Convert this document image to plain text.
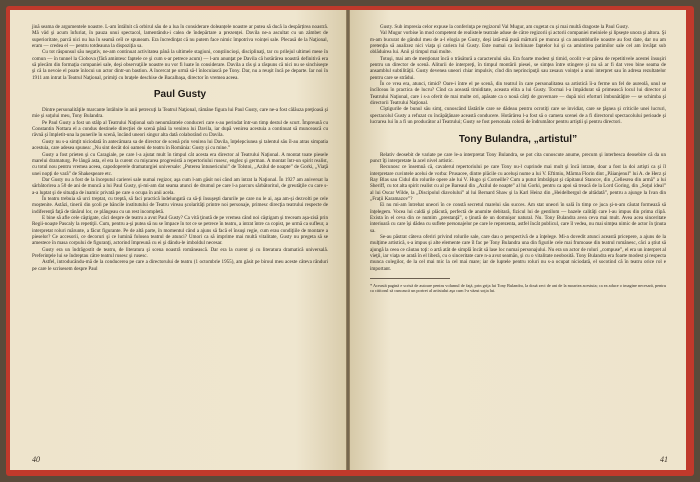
jină seama de argumentele noastre. L-am întâlnit că orbirul său de a lua în considerare doleanțele noastre ar putea să ducă la despărțirea noastră. Mă vâd şi acum înfuriat, în pauza unui spectacol, lamentându-i calea de îndepărtare a prezenței. Davila ne-a ascultat cu un zâmbet de superioritate, parcă nici nu lua în seamă ceîl ce spuneam. Era încredinţat că nu putem face nimic împotriva voinței sale. Plecasă de la Naţional, eram — credea el — pentru totdeauna la dispoziţia sa.

Cu tot răspunsul său negativ, ne-am continuat activitatea până la ultimele stagiuni, conştiincioşi, disciplinaţi, tar cu prilejul ultimei mese în comun — în tunnel la Ciobova (fără amintesc faptele ce şi cum s-ar petrece acum) — l-am anunţat pe Davila că hotărârea noastră definitivă era să plecăm din formaţia companiei sale, deşi observaţiile noastre nu vor fi luate în considerare. Davila a râs şi a răspuns că nici nu se sinchiseşte şi că la nevoie el poate înlocui un actor dintr-un bastion. A încercat pe urmă să-l înlocuiască pe Tony. Dar, nu a reuşit încă pe departe. Iar noi în 1911 am intrat la Teatrul Naţional, primiţi cu braţele deschise de Bacalbaşa, director în vremea aceea.

Paul Gusty

Dintre personalităţile marcante întâlnite în anii petrecuţi la Teatrul Naţional, rămâne figura lui Paul Gusty, care ne-a fost călăuza preţioasă şi mie şi soţului meu, Tony Bulandra.

Pe Paul Gusty a fost un stâlp al Teatrului Naţional sub nenumăratele conduceri care s-au perindat într-un timp destul de scurt. Împreună cu Constantin Nottara el a condus destinele direcţiei de scenă până la venirea lui Davila, iar după venirea acestuia a continuat să muncească cu râvnă şi împletit-una la punerile în scenă, încând uneori singur alta dată colaborând cu Davila.

Gusty nu s-a simţit niciodată în antecâmara sa de director de scenă prin venirea lui Davila, înţelepciunea şi talentul său îl-au atras simpatia acestuia, care adesea spunea: „Nu sint decât doi oameni de teatru în România: Gusty şi cu mine.”

Gusty a fost prieten şi cu Caragiale, pe care l-a ajutat mult în timpul cât acesta era director al Teatrului Naţional. A montat toate piesele marelui dramaturg. Pe lângă asta, el era la curent cu mişcarea progresistă a repertoriului rusesc, englez şi german. A montat într-un spirit realist, cu totul nou pentru vremea aceea, capodoperele dramaturgiei universale: „Puterea întunericului” de Tolstoi, „Azilul de noapte” de Gorki, „Viaţă unei nopţi de vară” de Shakespeare etc.

Dar Gusty nu a fost de la începutul carierei sale numai regizor, aşa cum l-am găsit noi când am intrat la Naţional. În 1927 am aniversat la sărbătorirea a 50 de ani de muncă a lui Paul Gusty, şi-mi-am dat seama atunci de drumul pe care l-a parcurs sărbătoritul, de greutăţile cu care s-a-a luptat şi de situaţia de inamic privată pe care o ocupa în anii acela.

În teatru trebuia să urci treptat, cu treptă, să faci practică îndelungată ca să-ţi însuşeşti darurile pe care nu le ai, aşa am-şi dezvolti pe cele moştenite. Astăzi, tinerii din şcoli pe băncile institutului de Teatru vireau şcolarităţi printre noi personaje, primesc direcţia teatrului respecte de indiferenţă faţă de tânărul lor, ce plângeau cu un rest incompletă.

E bine să afle cele câştigate, căci despre de teatru a avut Paul Gusty? Ca vită ţinută de pe vremea când noi câştigam şi treceam aşa-zisă prin Regii-noaşte Pascaly la repetiţii. Cum, pentru a-şi putea să nu se împace în tot ce se petrece în teatru, a intrat între ca copist, pe urmă ca sufleur, a interpretat roluri mărunte, a făcut figurante. Pe de altă parte, în momentul când a ajuns să facă el însuşi regie, cum erau condiţiile de montare a pieselor? Ce accesorii, ce decoruri şi ce lumină folosea teatrul de atunci? Umori ca să imprime mai multă vitalitate, Gusty nu pregeta să se amestece în masa corpului de figuranţi, actorind împreună cu ei şi dându-le imboldul necesar.

Gusty era un îndrăgostit de teatru, de literatura şi scena noastră românească. Dar era la curent şi cu literatura dramatică universală. Preferinţele lui se îndreptau către teatrul rusesc şi rusesc.

Astfel, introducându-mă de la conducerea pe care a directorului de teatru (1 octombrie 1955), am găsit pe biroul meu aceste câteva rânduri pe care le scrisesem despre Paul

40

Gusty. Sub impresia celor expuse la conferinţa pe regizorul Val Mugur, am cugetat cu şi mai multă dragoste la Paul Gusty.

Val Mugur vorbise în mod competent de realistele teatrale aduse de către regizorii şi actorii companiei meiniele şi lipseşte unora şi altora. Şi m-am bucurat de gândul meu de a-l elogia pe Gusty, deşi iată-mă pusă mărturii pe munca şi ca ansamblurile noastre au fost date, dar nu am pretenţia să analizez nici viaţa şi cariera lui Gusty. Este numai ca închinare faptelor lui şi ca amintirea patimilor sale cel am învăţat sub oblăduirea lui. Anii şi timpul mai multe.

Totuşi, mai am de menţionat încă o trăsătură a caracterului său. Era foarte modest şi timid, ocolit v-ar părea de repetitivele acestei însuşiri pentru un director de scenă. Aliturii de interpreţi, în timpul montării piesei, se simţea între stingere şi nu să ar fi dat vreo bine seama de ansamblul subtilităţii. Gusty devenea uneori chiar impulsiv, cînd din neprincipuţii sau zesaux voinţei a unui interpret sau în adresa rezultatelor pentru care se strădui.

În ce vrea era, atunci, timid? Oare-i între el pe scenă, din teatrul în care personalitatea sa artistică îi-a ferme un fel de aureolă, unul se încîlceau în practica de lucru? Cînd ca această timiditate, aceasta elita a lui Gusty. Tocmai l-a împădurat să primească locul lui director al Teatrului Naţional, care i s-a oferit de mai multe ori, apăsate ca o nouă cărţi de guvernare — după nici eforturi îmbunătăţire — se schimba şi directorii Teatrului Naţional.

Cîştigurile de bunul său simţ, cunoscând lăstările care se dădeau pentru ocrotiţi care se invidiat, care se ţâşnea şi criticile unei lucruri, spectacolul Gusty a refuzat cu încăpăţânare această conducere. Hotărârea l-a fost să o camera scenei de a fi directorul spectacolului perioade şi lucrarea lui în a fi un producător al Teatrului; Gusty se fost personala coloră de îndrumător pentru artiştii şi pentru directori.

Tony Bulandra, „artistul”

Relativ deosebit de variate pe care le-a interpretat Tony Bulandra, se pot cita cunoscute anume, precum şi interbesca deosebire că da un punct îţi interpretate la acel nivel artistic.

Recunosc ce însemnă că, cavalerul repertoriului pe care Tony nu-l cuprinde mai mult şi încă intrate, doar a fost la doi artişti ca şi îl interpretare cuvintele acelui de vorba: Prusacee, dintre plăcile cu aceluşi nume a lui V. Eftimiu, Mârma Florin dint „Păianjenul” lui A. de Herz şi Ray Blas sau Cidul din rolurile opere ale lui V. Hugo şi Corneille? Cum a putut îmbrăţişat şi căpitanul Stancov, din „Cellesrea din armă” a lui Sheriff, cu tot alta spirit realist cu al pe Bareaul din „Azilul de noapte” al lui Gorki, pentru ca apoi să treacă de la Lord Goring, din „Soţul ideal” al lui Oscar Wilde, la „Discipolul diavolului” al lui Bernard Shaw şi la Karl Heinz din „Heidelbergul de altădată”, pentru a ajunge la Ivan din „Fraţii Karamazov”?

Ei nu mi-am întrebat uneori în ce constă secretul marelui său succes. Am stat uneori în sală în timp ce juca şi-n-am căutat formează să înţelegem. Vocea lui caldă şi plăcută, perfectă de anumite debitară, fizicul lui de gentilom — bazele calităţi care l-au impus din prima clipă. Exista în el ceva din ce numim „prestanţă”, o ţinută de un domnişor natural. Nu. Tony Bulandra avea ceva mai mult. Avea acea sinceritate interioară cu care îşi dădea cu suflete personajelor pe care le reprezenta, astfel încât publicul, care îl vedea, nu mai simţea nimic de actor în ţinuta sa.

Se-au păstrat câteva oferiri privind rolurile sale, care dau o perspectivă de a înţelege. Mi-a dovedit atunci această pricepere, a ajuns de la mulţime artistică, s-a impus şi alte elemente care îl fac pe Tony Bulandra una din figurile cele mai frumoase din teatrul românesc, căci a ştiut să ajungă la ceea ce căutau toţi: o artă atât de simplă încât să lase loc numai personajului. Nu era un actor de roluri „compuse”, el era un interpret al vieţii, iar viaţa se arată în el liberă, cu o sinceritate care n-a avut seamăn, şi cu o vitalitate neobosită. Tony Bulandra era foarte modest şi respecta munca colegilor, de la cel mai mic la cel mai mare; iar de luptele pentru roluri nu s-a ocupat niciodată, el socotind că în teatru orice rol e important.

* Această pagină e scrisă de autoare pentru volumul de faţă, prin grija lui Tony Bulandra, la două zeci de ani de la moartea acestuia; ca ea aduce o imagine necesară, pentru ca cititorul să cunoască un portret al artistului aşa cum l-a văzut soţia lui.

41
